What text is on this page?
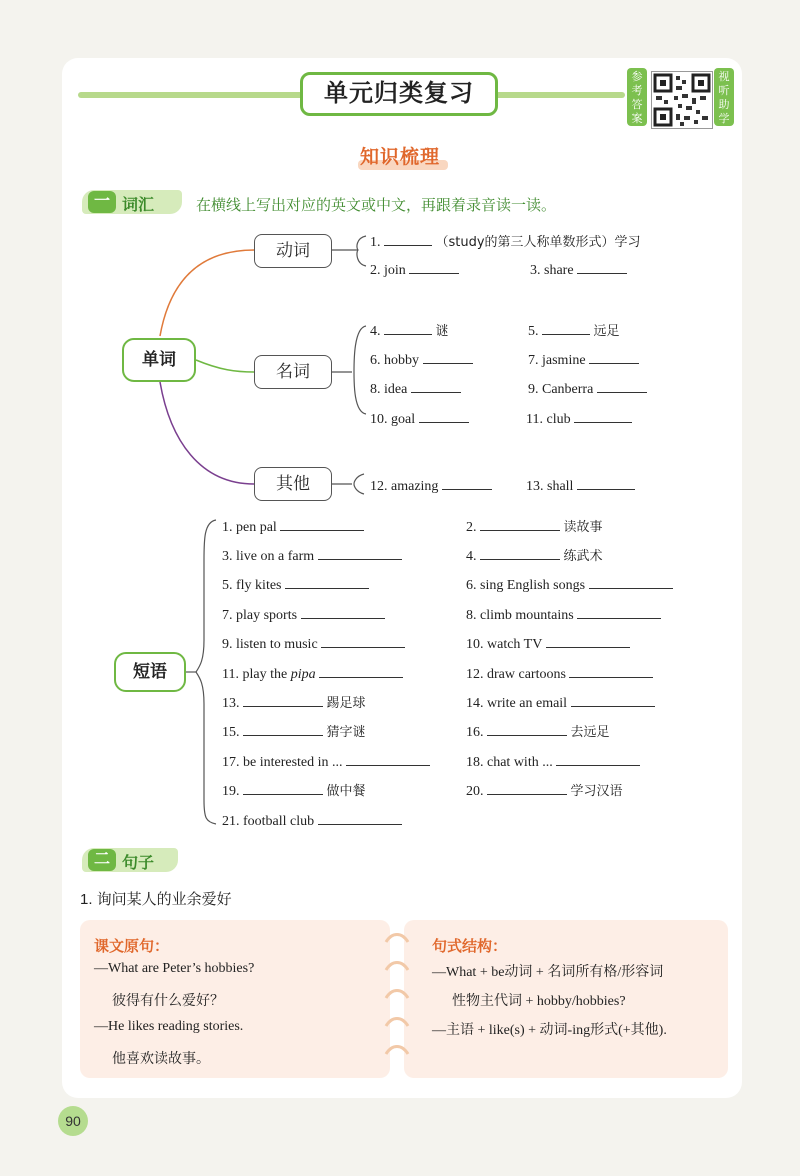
单元归类复习
参考答案
视听助学
知识梳理
一 词汇	在横线上写出对应的英文或中文，再跟着录音读一读。
单词
动词
名词
其他
1.	（study的第三人称单数形式）学习
2. join	3. share
4.	谜	5.	远足
6. hobby	7. jasmine
8. idea	9. Canberra
10. goal	11. club
12. amazing	13. shall
短语
1. pen pal	2.	读故事
3. live on a farm	4.	练武术
5. fly kites	6. sing English songs
7. play sports	8. climb mountains
9. listen to music	10. watch TV
11. play the pipa	12. draw cartoons
13.	踢足球	14. write an email
15.	猜字谜	16.	去远足
17. be interested in ...	18. chat with ...
19.	做中餐	20.	学习汉语
21. football club
二 句子
1. 询问某人的业余爱好
课文原句：
—What are Peter’s hobbies?
彼得有什么爱好？
—He likes reading stories.
他喜欢读故事。
句式结构：
—What + be动词 + 名词所有格/形容词
性物主代词 + hobby/hobbies?
—主语 + like(s) + 动词-ing形式(+其他).
90
